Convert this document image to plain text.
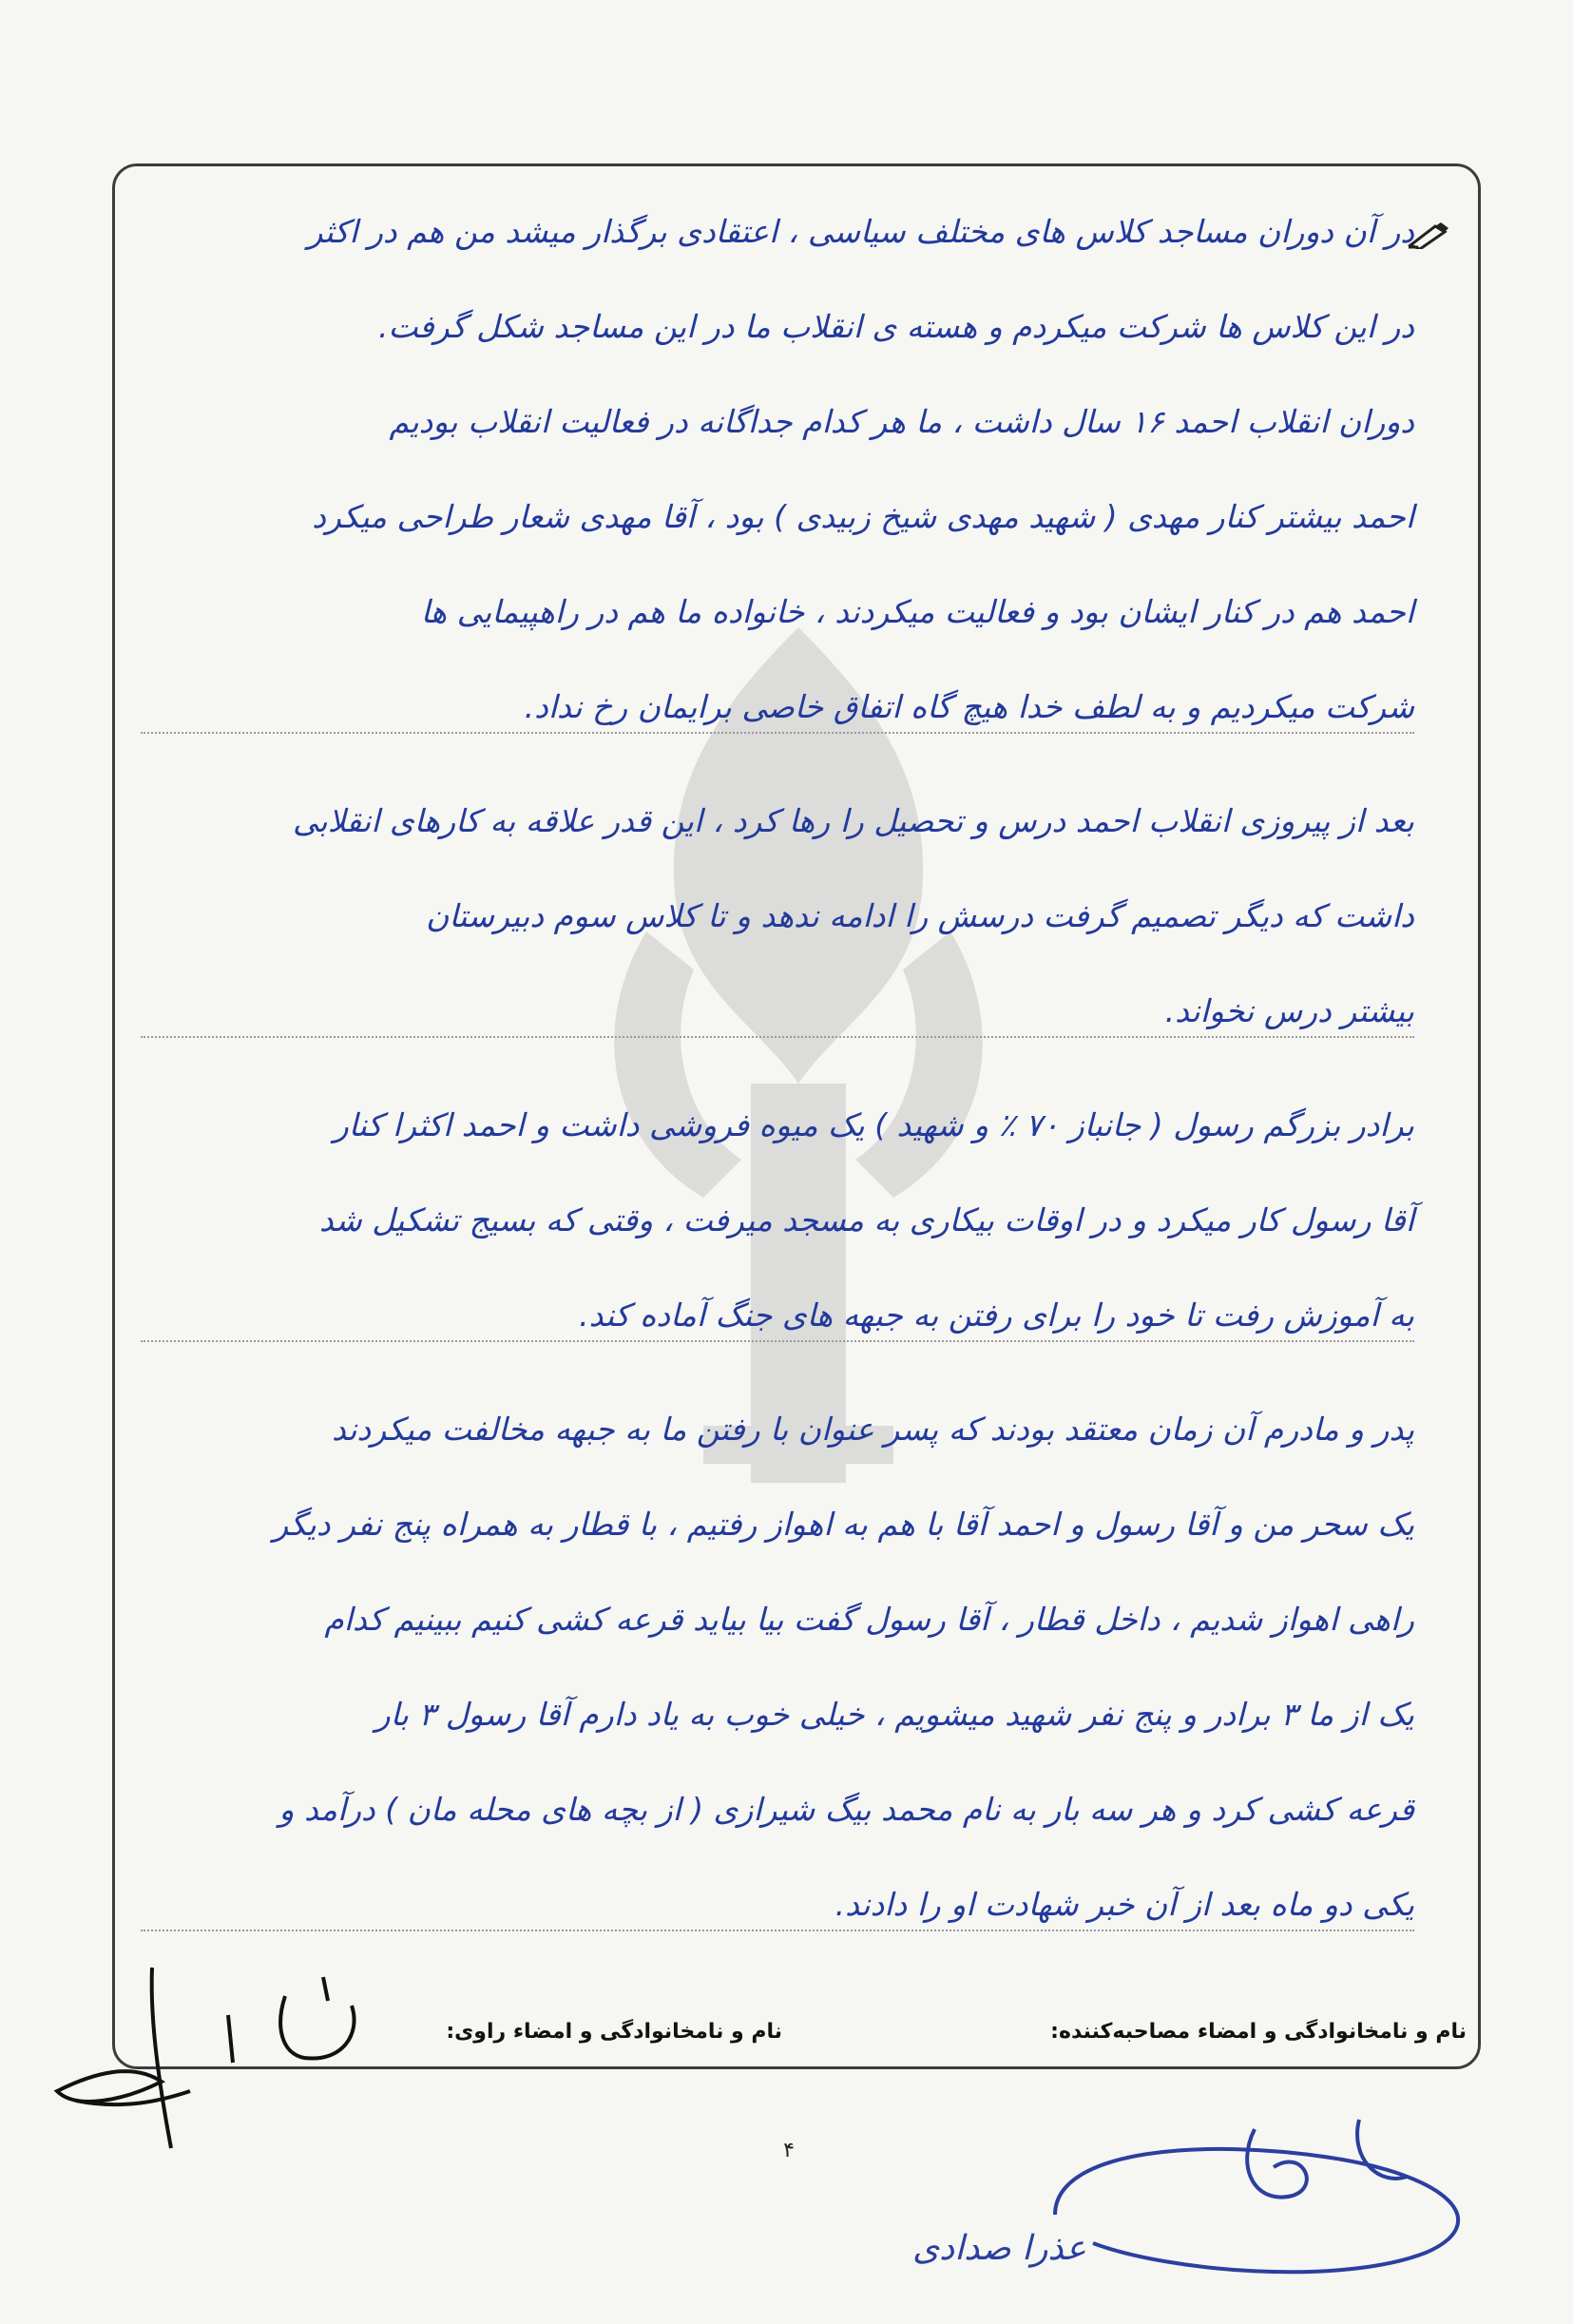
در آن دوران مساجد کلاس های مختلف سیاسی ، اعتقادی برگذار میشد من هم در اکثر
در این کلاس ها شرکت میکردم و هسته ی انقلاب ما در این مساجد شکل گرفت.
دوران انقلاب احمد ۱۶ سال داشت ، ما هر کدام جداگانه در فعالیت انقلاب بودیم
احمد بیشتر کنار مهدی ( شهید مهدی شیخ زبیدی ) بود ، آقا مهدی شعار طراحی میکرد
احمد هم در کنار ایشان بود و فعالیت میکردند ، خانواده ما هم در راهپیمایی ها
شرکت میکردیم و به لطف خدا هیچ گاه اتفاق خاصی برایمان رخ نداد.
بعد از پیروزی انقلاب احمد درس و تحصیل را رها کرد ، این قدر علاقه به کارهای انقلابی
داشت که دیگر تصمیم گرفت درسش را ادامه ندهد و تا کلاس سوم دبیرستان
بیشتر درس نخواند.
برادر بزرگم رسول ( جانباز ۷۰ ٪ و شهید ) یک میوه فروشی داشت و احمد اکثرا کنار
آقا رسول کار میکرد و در اوقات بیکاری به مسجد میرفت ، وقتی که بسیج تشکیل شد
به آموزش رفت تا خود را برای رفتن به جبهه های جنگ آماده کند.
پدر و مادرم آن زمان معتقد بودند که پسر عنوان با رفتن ما به جبهه مخالفت میکردند
یک سحر من و آقا رسول و احمد آقا با هم به اهواز رفتیم ، با قطار به همراه پنج نفر دیگر
راهی اهواز شدیم ، داخل قطار ، آقا رسول گفت بیا بیاید قرعه کشی کنیم ببینیم کدام
یک از ما ۳ برادر و پنج نفر شهید میشویم ، خیلی خوب به یاد دارم آقا رسول ۳ بار
قرعه کشی کرد و هر سه بار به نام محمد بیگ شیرازی ( از بچه های محله مان ) درآمد و
یکی دو ماه بعد از آن خبر شهادت او را دادند.
نام و نامخانوادگی و امضاء مصاحبه‌کننده:
نام و نامخانوادگی و امضاء راوی:
۴
عذرا صدادی
